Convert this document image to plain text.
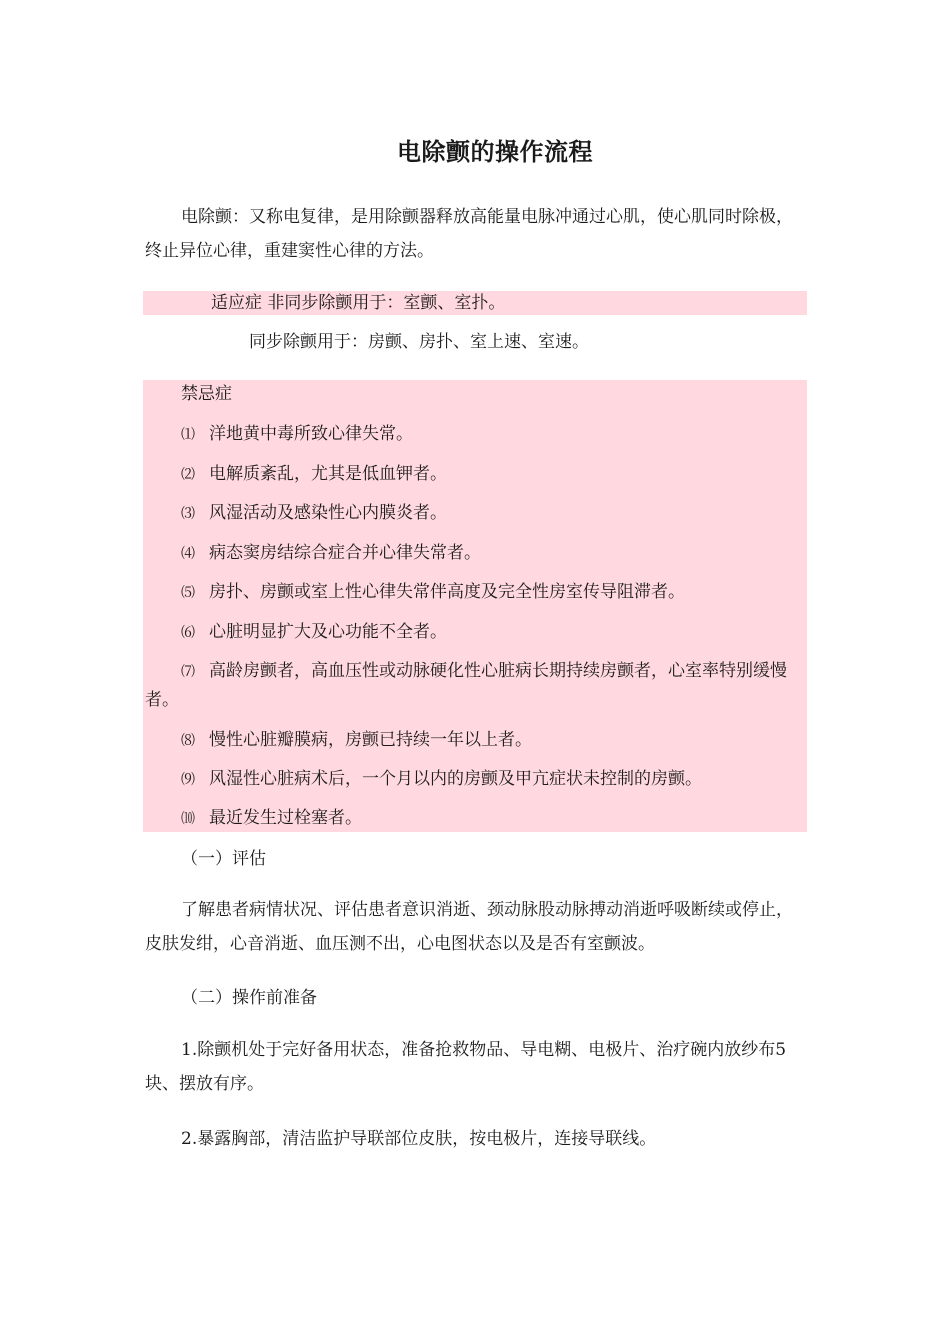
电除颤的操作流程

电除颤：又称电复律，是用除颤器释放高能量电脉冲通过心肌，使心肌同时除极，终止异位心律，重建窦性心律的方法。

适应症 非同步除颤用于：室颤、室扑。
同步除颤用于：房颤、房扑、室上速、室速。
禁忌症
⑴ 洋地黄中毒所致心律失常。
⑵ 电解质紊乱，尤其是低血钾者。
⑶ 风湿活动及感染性心内膜炎者。
⑷ 病态窦房结综合症合并心律失常者。
⑸ 房扑、房颤或室上性心律失常伴高度及完全性房室传导阻滞者。
⑹ 心脏明显扩大及心功能不全者。

⑺ 高龄房颤者，高血压性或动脉硬化性心脏病长期持续房颤者，心室率特别缓慢者。

⑻ 慢性心脏瓣膜病，房颤已持续一年以上者。
⑼ 风湿性心脏病术后，一个月以内的房颤及甲亢症状未控制的房颤。
⑽ 最近发生过栓塞者。
（一）评估

了解患者病情状况、评估患者意识消逝、颈动脉股动脉搏动消逝呼吸断续或停止，皮肤发绀，心音消逝、血压测不出，心电图状态以及是否有室颤波。

（二）操作前准备

1.除颤机处于完好备用状态，准备抢救物品、导电糊、电极片、治疗碗内放纱布5块、摆放有序。

2.暴露胸部，清洁监护导联部位皮肤，按电极片，连接导联线。
